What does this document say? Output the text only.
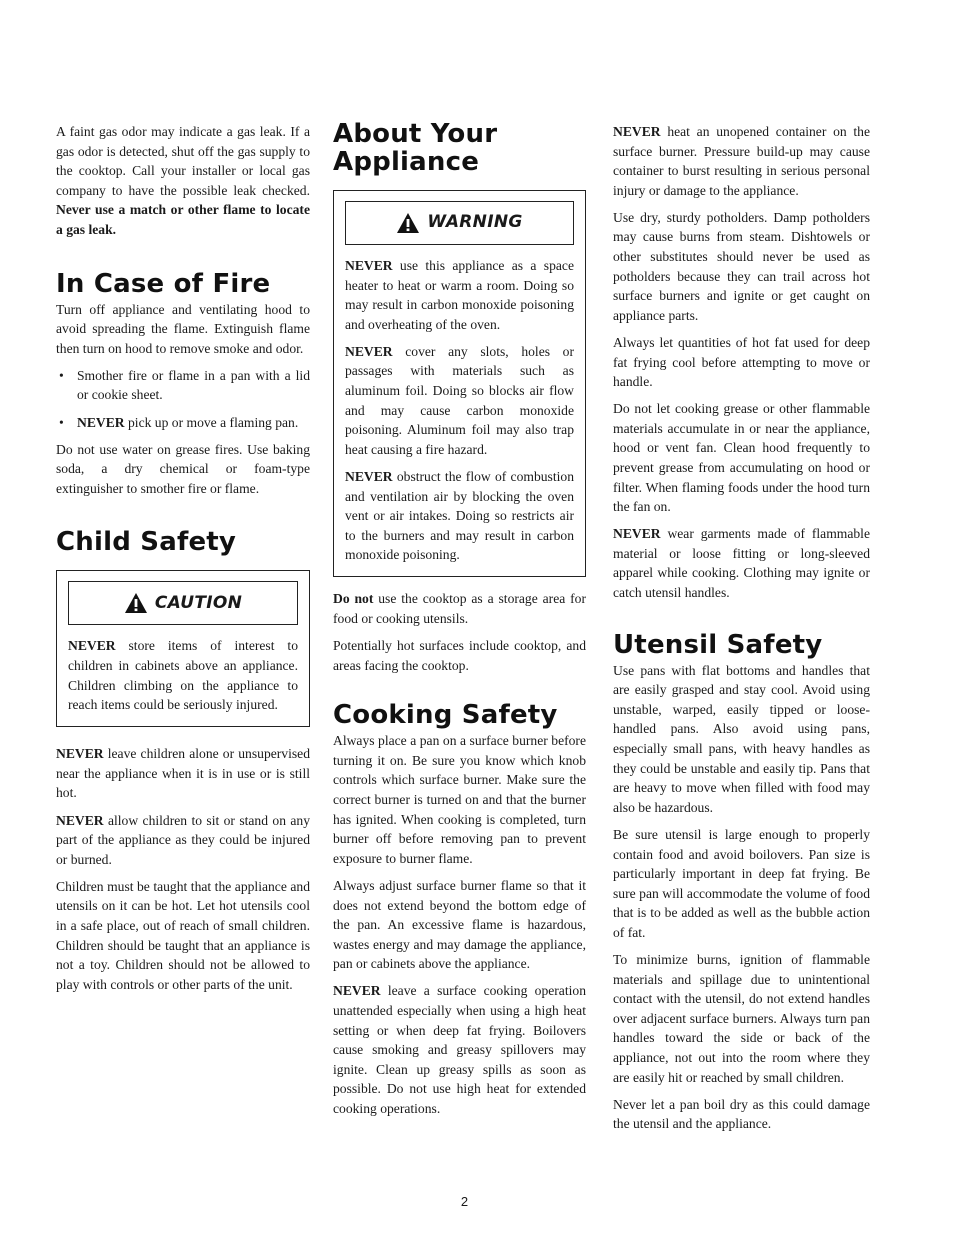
A faint gas odor may indicate a gas leak. If a gas odor is detected, shut off the gas supply to the cooktop. Call your installer or local gas company to have the possible leak checked. Never use a match or other flame to locate a gas leak.

In Case of Fire

Turn off appliance and ventilating hood to avoid spreading the flame. Extinguish flame then turn on hood to remove smoke and odor.

• Smother fire or flame in a pan with a lid or cookie sheet.
• NEVER pick up or move a flaming pan.

Do not use water on grease fires. Use baking soda, a dry chemical or foam-type extinguisher to smother fire or flame.

Child Safety
CAUTION

NEVER store items of interest to children in cabinets above an appliance. Children climbing on the appliance to reach items could be seriously injured.

NEVER leave children alone or unsupervised near the appliance when it is in use or is still hot.

NEVER allow children to sit or stand on any part of the appliance as they could be injured or burned.

Children must be taught that the appliance and utensils on it can be hot. Let hot utensils cool in a safe place, out of reach of small children. Children should be taught that an appliance is not a toy. Children should not be allowed to play with controls or other parts of the unit.

About Your
Appliance
WARNING

NEVER use this appliance as a space heater to heat or warm a room. Doing so may result in carbon monoxide poisoning and overheating of the oven.

NEVER cover any slots, holes or passages with materials such as aluminum foil. Doing so blocks air flow and may cause carbon monoxide poisoning. Aluminum foil may also trap heat causing a fire hazard.

NEVER obstruct the flow of combustion and ventilation air by blocking the oven vent or air intakes. Doing so restricts air to the burners and may result in carbon monoxide poisoning.

Do not use the cooktop as a storage area for food or cooking utensils.

Potentially hot surfaces include cooktop, and areas facing the cooktop.

Cooking Safety

Always place a pan on a surface burner before turning it on. Be sure you know which knob controls which surface burner. Make sure the correct burner is turned on and that the burner has ignited. When cooking is completed, turn burner off before removing pan to prevent exposure to burner flame.

Always adjust surface burner flame so that it does not extend beyond the bottom edge of the pan. An excessive flame is hazardous, wastes energy and may damage the appliance, pan or cabinets above the appliance.

NEVER leave a surface cooking operation unattended especially when using a high heat setting or when deep fat frying. Boilovers cause smoking and greasy spillovers may ignite. Clean up greasy spills as soon as possible. Do not use high heat for extended cooking operations.

NEVER heat an unopened container on the surface burner. Pressure build-up may cause container to burst resulting in serious personal injury or damage to the appliance.

Use dry, sturdy potholders. Damp potholders may cause burns from steam. Dishtowels or other substitutes should never be used as potholders because they can trail across hot surface burners and ignite or get caught on appliance parts.

Always let quantities of hot fat used for deep fat frying cool before attempting to move or handle.

Do not let cooking grease or other flammable materials accumulate in or near the appliance, hood or vent fan. Clean hood frequently to prevent grease from accumulating on hood or filter. When flaming foods under the hood turn the fan on.

NEVER wear garments made of flammable material or loose fitting or long-sleeved apparel while cooking. Clothing may ignite or catch utensil handles.

Utensil Safety

Use pans with flat bottoms and handles that are easily grasped and stay cool. Avoid using unstable, warped, easily tipped or loose-handled pans. Also avoid using pans, especially small pans, with heavy handles as they could be unstable and easily tip. Pans that are heavy to move when filled with food may also be hazardous.

Be sure utensil is large enough to properly contain food and avoid boilovers. Pan size is particularly important in deep fat frying. Be sure pan will accommodate the volume of food that is to be added as well as the bubble action of fat.

To minimize burns, ignition of flammable materials and spillage due to unintentional contact with the utensil, do not extend handles over adjacent surface burners. Always turn pan handles toward the side or back of the appliance, not out into the room where they are easily hit or reached by small children.

Never let a pan boil dry as this could damage the utensil and the appliance.

2
